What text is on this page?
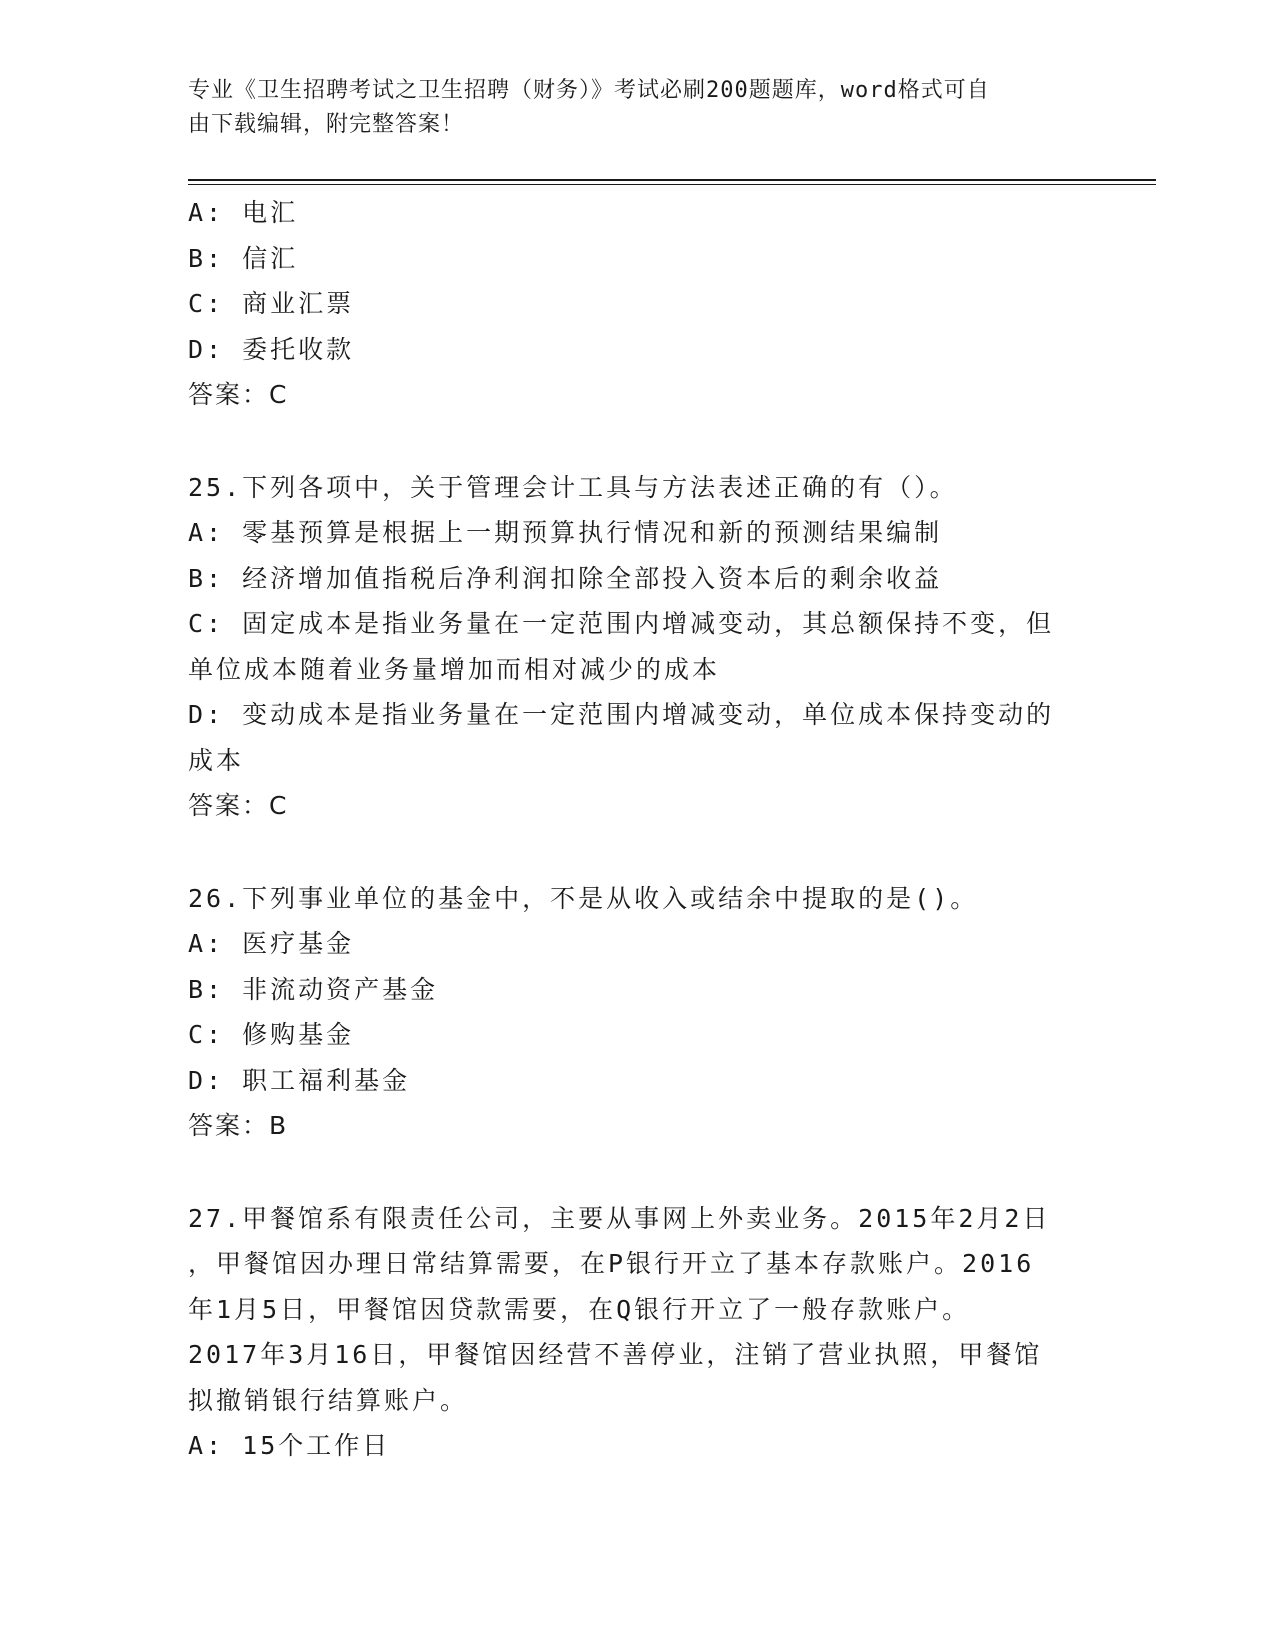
专业《卫生招聘考试之卫生招聘（财务）》考试必刷200题题库，word格式可自
由下载编辑，附完整答案！
A: 电汇
B: 信汇
C: 商业汇票
D: 委托收款
答案：C
25.下列各项中，关于管理会计工具与方法表述正确的有（）。
A: 零基预算是根据上一期预算执行情况和新的预测结果编制
B: 经济增加值指税后净利润扣除全部投入资本后的剩余收益
C: 固定成本是指业务量在一定范围内增减变动，其总额保持不变，但
单位成本随着业务量增加而相对减少的成本
D: 变动成本是指业务量在一定范围内增减变动，单位成本保持变动的
成本
答案：C
26.下列事业单位的基金中，不是从收入或结余中提取的是()。
A: 医疗基金
B: 非流动资产基金
C: 修购基金
D: 职工福利基金
答案：B
27.甲餐馆系有限责任公司，主要从事网上外卖业务。2015年2月2日
，甲餐馆因办理日常结算需要，在P银行开立了基本存款账户。2016
年1月5日，甲餐馆因贷款需要，在Q银行开立了一般存款账户。
2017年3月16日，甲餐馆因经营不善停业，注销了营业执照，甲餐馆
拟撤销银行结算账户。
A: 15个工作日
